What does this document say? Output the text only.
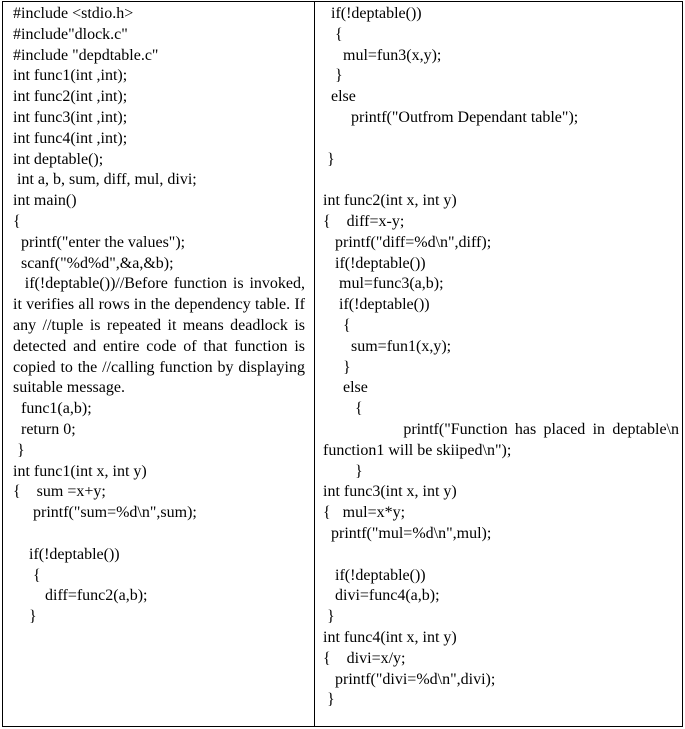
#include <stdio.h>
#include"dlock.c"
#include "depdtable.c"
int func1(int ,int);
int func2(int ,int);
int func3(int ,int);
int func4(int ,int);
int deptable();
int a, b, sum, diff, mul, divi;
int main()
{
printf("enter the values");
scanf("%d%d",&a,&b);
if(!deptable())//Before function is invoked, it verifies all rows in the dependency table. If any //tuple is repeated it means deadlock is detected and entire code of that function is copied to the //calling function by displaying suitable message.
func1(a,b);
return 0;
}
int func1(int x, int y)
{    sum =x+y;
printf("sum=%d\n",sum);
if(!deptable())
{
diff=func2(a,b);
}
if(!deptable())
{
mul=fun3(x,y);
}
else
printf("Outfrom Dependant table");
}
int func2(int x, int y)
{    diff=x-y;
printf("diff=%d\n",diff);
if(!deptable())
mul=func3(a,b);
if(!deptable())
{
sum=fun1(x,y);
}
else
{
printf("Function has placed in deptable\n function1 will be skiiped\n");
}
int func3(int x, int y)
{   mul=x*y;
printf("mul=%d\n",mul);
if(!deptable())
divi=func4(a,b);
}
int func4(int x, int y)
{    divi=x/y;
printf("divi=%d\n",divi);
}
